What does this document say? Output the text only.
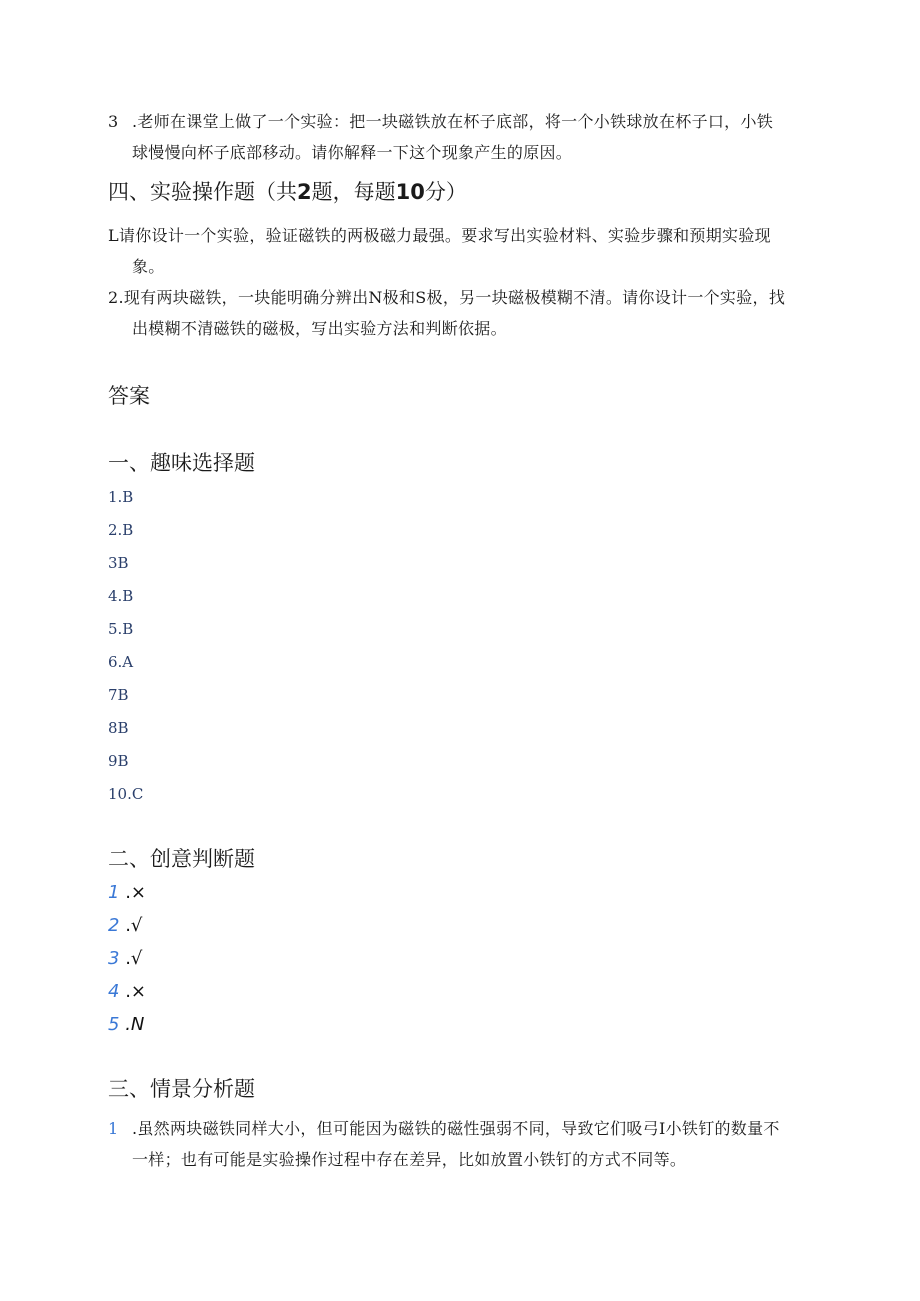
3 .老师在课堂上做了一个实验：把一块磁铁放在杯子底部，将一个小铁球放在杯子口，小铁
球慢慢向杯子底部移动。请你解释一下这个现象产生的原因。
四、实验操作题（共2题，每题10分）
L请你设计一个实验，验证磁铁的两极磁力最强。要求写出实验材料、实验步骤和预期实验现
象。
2.现有两块磁铁，一块能明确分辨出N极和S极，另一块磁极模糊不清。请你设计一个实验，找
出模糊不清磁铁的磁极，写出实验方法和判断依据。
答案
一、趣味选择题
1.B
2.B
3B
4.B
5.B
6.A
7B
8B
9B
10.C
二、创意判断题
1 .×
2 .√
3 .√
4 .×
5 .N
三、情景分析题
1 .虽然两块磁铁同样大小，但可能因为磁铁的磁性强弱不同，导致它们吸弓I小铁钉的数量不
一样；也有可能是实验操作过程中存在差异，比如放置小铁钉的方式不同等。
